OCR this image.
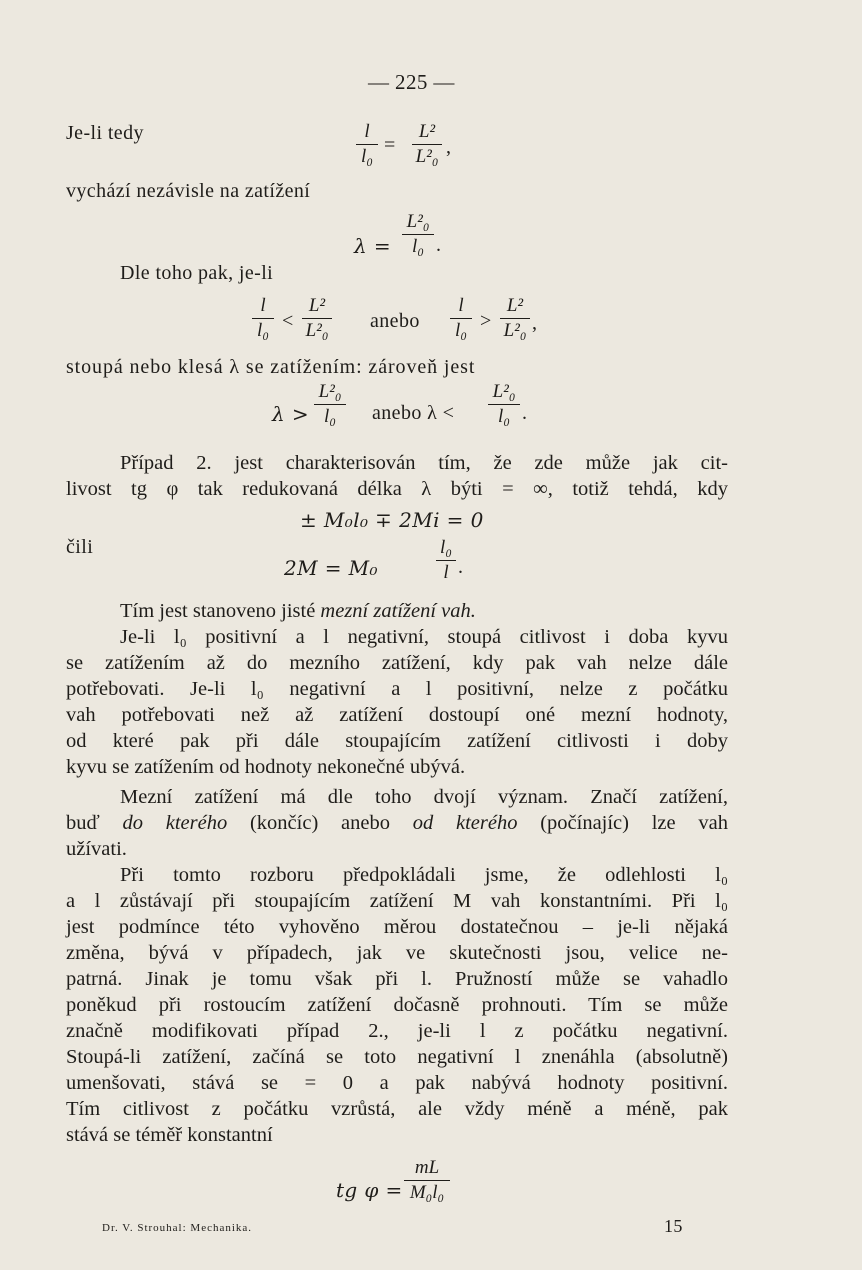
— 225 —
Je-li tedy	l
l₀
=
L²
L²₀ ,
vychází nezávisle na zatížení
λ =
L²₀
l₀ .
Dle toho pak, je-li
l
l₀ <
L²
L²₀ anebo
l
l₀ >
L²
L²₀ ,
stoupá nebo klesá λ se zatížením: zároveň jest
λ >
L²₀
l₀	anebo λ <
L²₀
l₀ .
Případ 2. jest charakterisován tím, že zde může jak cit-
livost tg φ tak redukovaná délka λ býti = ∞, totiž tehdá, kdy
± M₀l₀ ∓ 2Mi = 0
čili
2M = M₀
l₀
l .
Tím jest stanoveno jisté mezní zatížení vah.
Je-li l₀ positivní a l negativní, stoupá citlivost i doba kyvu
se zatížením až do mezního zatížení, kdy pak vah nelze dále
potřebovati. Je-li l₀ negativní a l positivní, nelze z počátku
vah potřebovati než až zatížení dostoupí oné mezní hodnoty,
od které pak při dále stoupajícím zatížení citlivosti i doby
kyvu se zatížením od hodnoty nekonečné ubývá.
Mezní zatížení má dle toho dvojí význam. Značí zatížení,
buď do kterého (končíc) anebo od kterého (počínajíc) lze vah
užívati.
Při tomto rozboru předpokládali jsme, že odlehlosti l₀
a l zůstávají při stoupajícím zatížení M vah konstantními. Při l₀
jest podmínce této vyhověno měrou dostatečnou – je-li nějaká
změna, bývá v případech, jak ve skutečnosti jsou, velice ne-
patrná. Jinak je tomu však při l. Pružností může se vahadlo
poněkud při rostoucím zatížení dočasně prohnouti. Tím se může
značně modifikovati případ 2., je-li l z počátku negativní.
Stoupá-li zatížení, začíná se toto negativní l znenáhla (absolutně)
umenšovati, stává se = 0 a pak nabývá hodnoty positivní.
Tím citlivost z počátku vzrůstá, ale vždy méně a méně, pak
stává se téměř konstantní
tg φ =
mL
M₀l₀
Dr. V. Strouhal: Mechanika.	15
